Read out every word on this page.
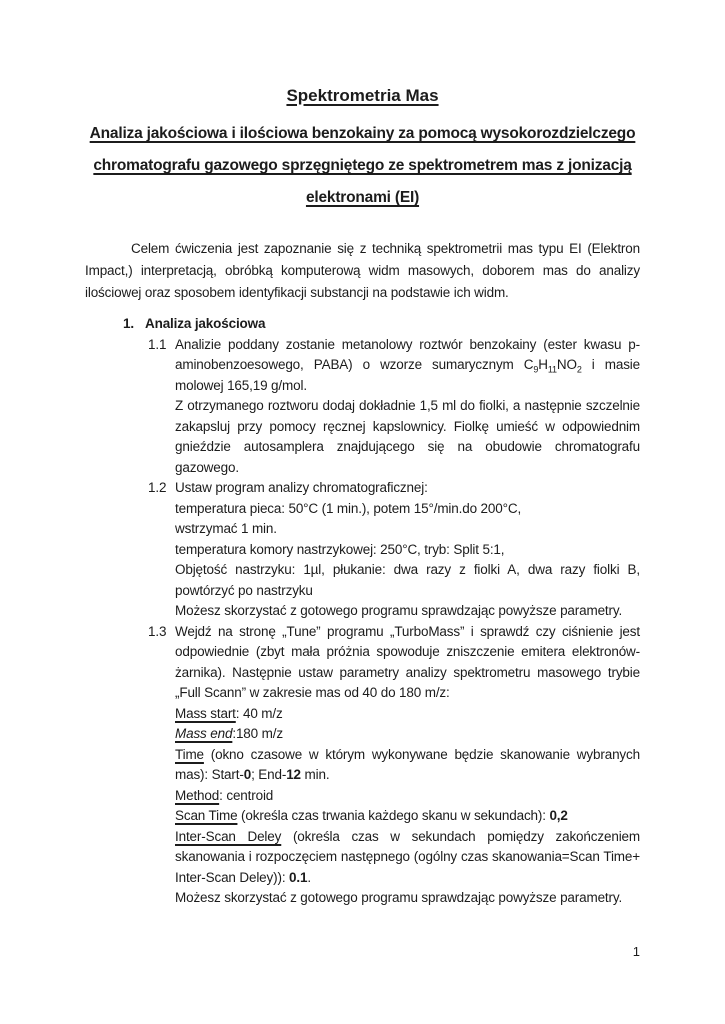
Spektrometria Mas
Analiza jakościowa i ilościowa benzokainy za pomocą wysokorozdzielczego
chromatografu gazowego sprzęgniętego ze spektrometrem mas z jonizacją
elektronami (EI)

Celem ćwiczenia jest zapoznanie się z techniką spektrometrii mas typu EI (Elektron Impact,) interpretacją, obróbką komputerową widm masowych, doborem mas do analizy ilościowej oraz sposobem identyfikacji substancji na podstawie ich widm.

1. Analiza jakościowa
1.1 Analizie poddany zostanie metanolowy roztwór benzokainy (ester kwasu p-aminobenzoesowego, PABA) o wzorze sumarycznym $C_9H_{11}NO_2$ i masie molowej 165,19 g/mol.

Z otrzymanego roztworu dodaj dokładnie 1,5 ml do fiolki, a następnie szczelnie zakapsluj przy pomocy ręcznej kapslownicy. Fiolkę umieść w odpowiednim gnieździe autosamplera znajdującego się na obudowie chromatografu gazowego.

1.2 Ustaw program analizy chromatograficznej:

temperatura pieca: 50°C (1 min.), potem 15°/min.do 200°C,

wstrzymać 1 min.

temperatura komory nastrzykowej: 250°C, tryb: Split 5:1,

Objętość nastrzyku: 1µl, płukanie: dwa razy z fiolki A, dwa razy fiolki B, powtórzyć po nastrzyku

Możesz skorzystać z gotowego programu sprawdzając powyższe parametry.

1.3 Wejdź na stronę „Tune” programu „TurboMass” i sprawdź czy ciśnienie jest odpowiednie (zbyt mała próżnia spowoduje zniszczenie emitera elektronów-żarnika). Następnie ustaw parametry analizy spektrometru masowego trybie „Full Scann” w zakresie mas od 40 do 180 m/z:

Mass start: 40 m/z

Mass end:180 m/z

Time (okno czasowe w którym wykonywane będzie skanowanie wybranych mas): Start-0; End-12 min.

Method: centroid

Scan Time (określa czas trwania każdego skanu w sekundach): 0,2

Inter-Scan Deley (określa czas w sekundach pomiędzy zakończeniem skanowania i rozpoczęciem następnego (ogólny czas skanowania=Scan Time+ Inter-Scan Deley)): 0.1.

Możesz skorzystać z gotowego programu sprawdzając powyższe parametry.

1
